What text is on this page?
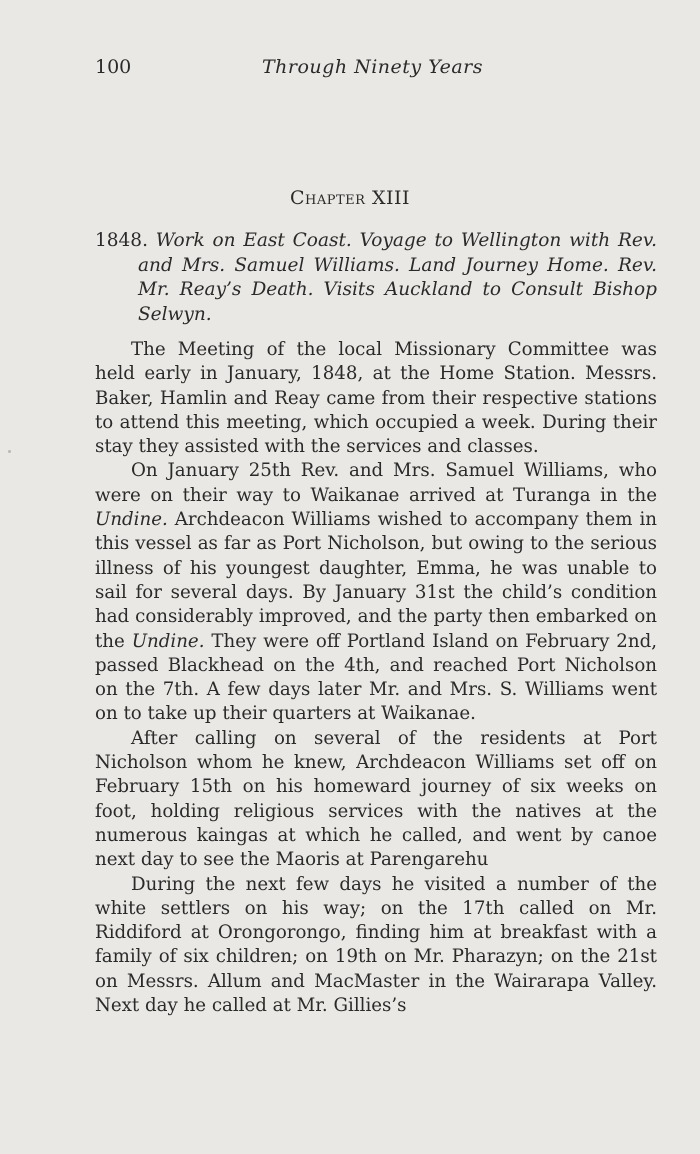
100	Through Ninety Years
Chapter XIII
1848. Work on East Coast. Voyage to Wellington with Rev. and Mrs. Samuel Williams. Land Journey Home. Rev. Mr. Reay’s Death. Visits Auckland to Consult Bishop Selwyn.

The Meeting of the local Missionary Committee was held early in January, 1848, at the Home Station. Messrs. Baker, Hamlin and Reay came from their respective stations to attend this meeting, which occupied a week. During their stay they assisted with the services and classes.

On January 25th Rev. and Mrs. Samuel Williams, who were on their way to Waikanae arrived at Turanga in the Undine. Archdeacon Williams wished to accompany them in this vessel as far as Port Nicholson, but owing to the serious illness of his youngest daughter, Emma, he was unable to sail for several days. By January 31st the child’s condition had considerably improved, and the party then embarked on the Undine. They were off Portland Island on February 2nd, passed Blackhead on the 4th, and reached Port Nicholson on the 7th. A few days later Mr. and Mrs. S. Williams went on to take up their quarters at Waikanae.

After calling on several of the residents at Port Nicholson whom he knew, Archdeacon Williams set off on February 15th on his homeward journey of six weeks on foot, holding religious services with the natives at the numerous kaingas at which he called, and went by canoe next day to see the Maoris at Parengarehu

During the next few days he visited a number of the white settlers on his way; on the 17th called on Mr. Riddiford at Orongorongo, finding him at breakfast with a family of six children; on 19th on Mr. Pharazyn; on the 21st on Messrs. Allum and MacMaster in the Wairarapa Valley. Next day he called at Mr. Gillies’s
